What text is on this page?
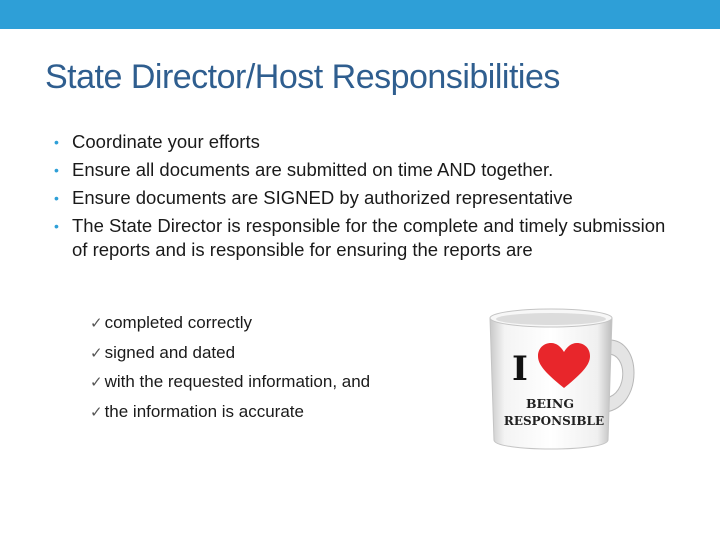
State Director/Host Responsibilities
• Coordinate your efforts
• Ensure all documents are submitted on time AND together.
• Ensure documents are SIGNED by authorized representative
• The State Director is responsible for the complete and timely submission of reports and is responsible for ensuring the reports are
✓ completed correctly
✓ signed and dated
✓ with the requested information, and
✓ the information is accurate
I
BEING
RESPONSIBLE
